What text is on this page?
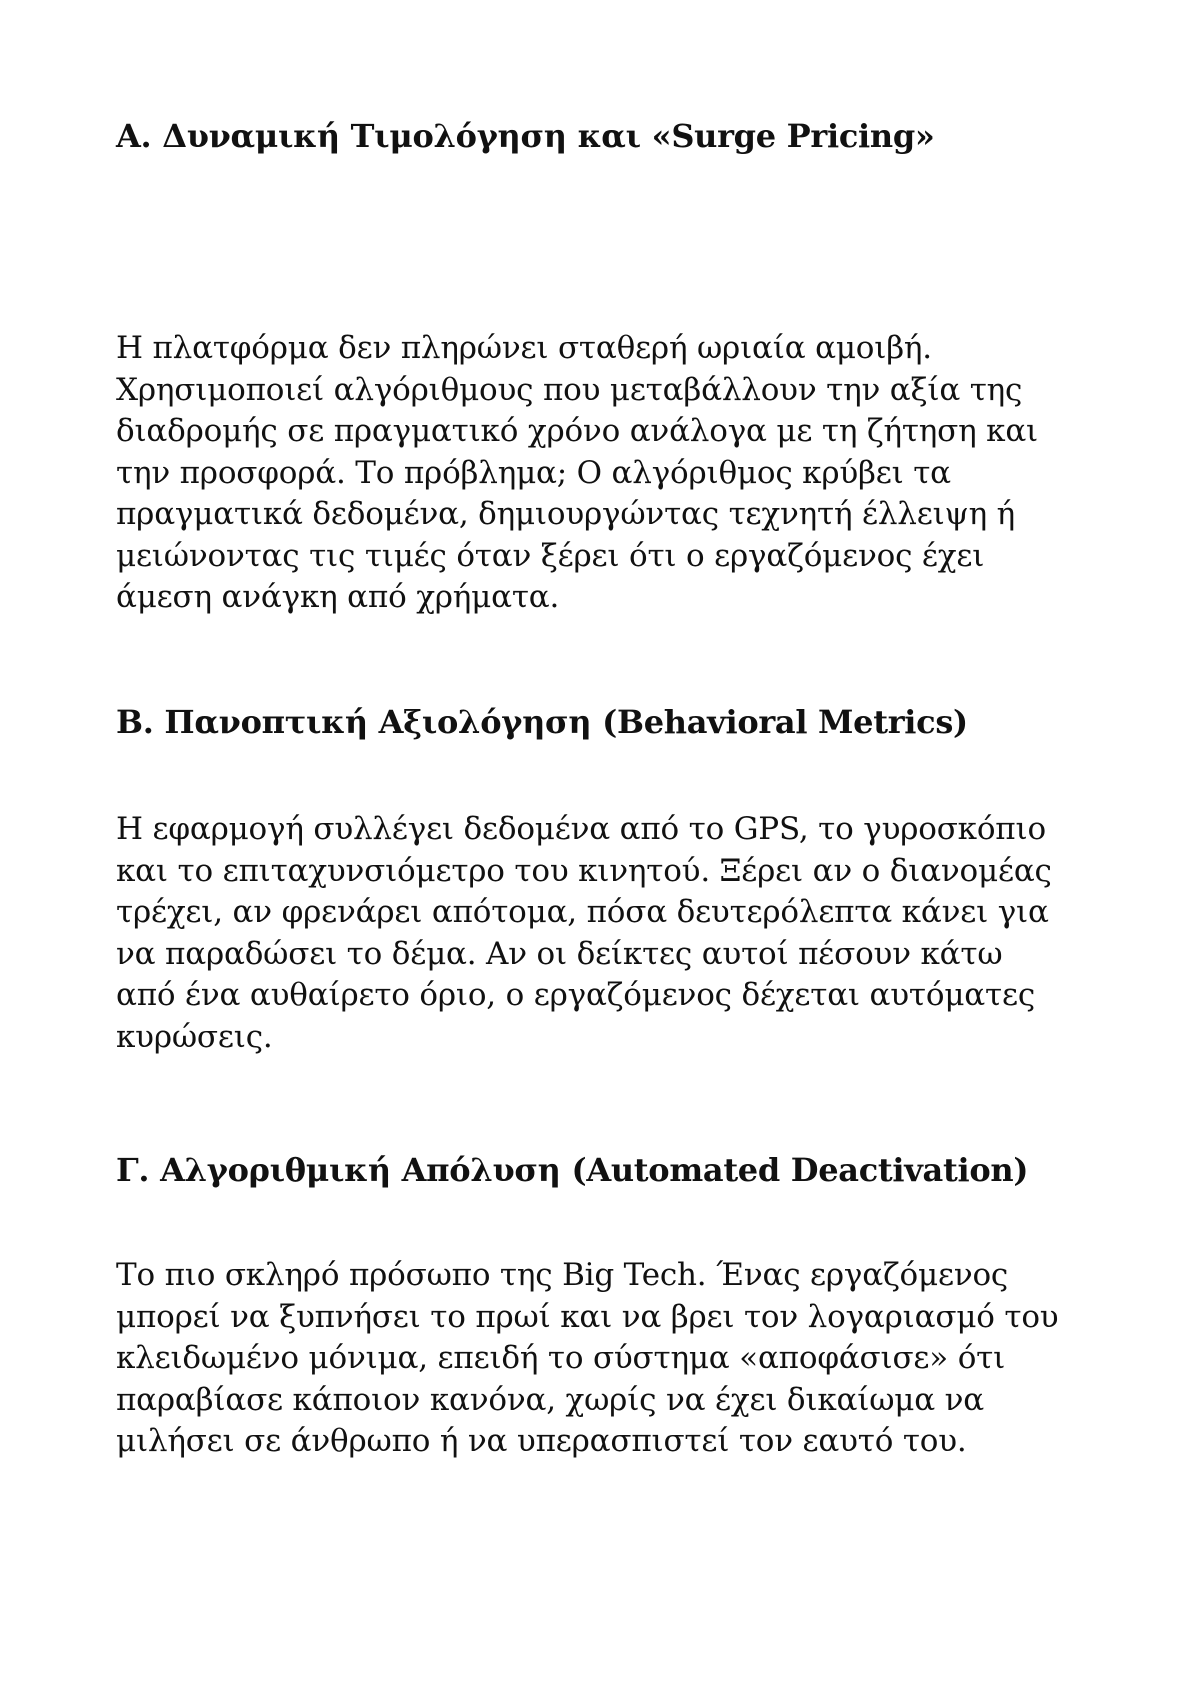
Α. Δυναμική Τιμολόγηση και «Surge Pricing»
Η πλατφόρμα δεν πληρώνει σταθερή ωριαία αμοιβή.
Χρησιμοποιεί αλγόριθμους που μεταβάλλουν την αξία της
διαδρομής σε πραγματικό χρόνο ανάλογα με τη ζήτηση και
την προσφορά. Το πρόβλημα; Ο αλγόριθμος κρύβει τα
πραγματικά δεδομένα, δημιουργώντας τεχνητή έλλειψη ή
μειώνοντας τις τιμές όταν ξέρει ότι ο εργαζόμενος έχει
άμεση ανάγκη από χρήματα.
Β. Πανοπτική Αξιολόγηση (Behavioral Metrics)
Η εφαρμογή συλλέγει δεδομένα από το GPS, το γυροσκόπιο
και το επιταχυνσιόμετρο του κινητού. Ξέρει αν ο διανομέας
τρέχει, αν φρενάρει απότομα, πόσα δευτερόλεπτα κάνει για
να παραδώσει το δέμα. Αν οι δείκτες αυτοί πέσουν κάτω
από ένα αυθαίρετο όριο, ο εργαζόμενος δέχεται αυτόματες
κυρώσεις.
Γ. Αλγοριθμική Απόλυση (Automated Deactivation)
Το πιο σκληρό πρόσωπο της Big Tech. Ένας εργαζόμενος
μπορεί να ξυπνήσει το πρωί και να βρει τον λογαριασμό του
κλειδωμένο μόνιμα, επειδή το σύστημα «αποφάσισε» ότι
παραβίασε κάποιον κανόνα, χωρίς να έχει δικαίωμα να
μιλήσει σε άνθρωπο ή να υπερασπιστεί τον εαυτό του.
